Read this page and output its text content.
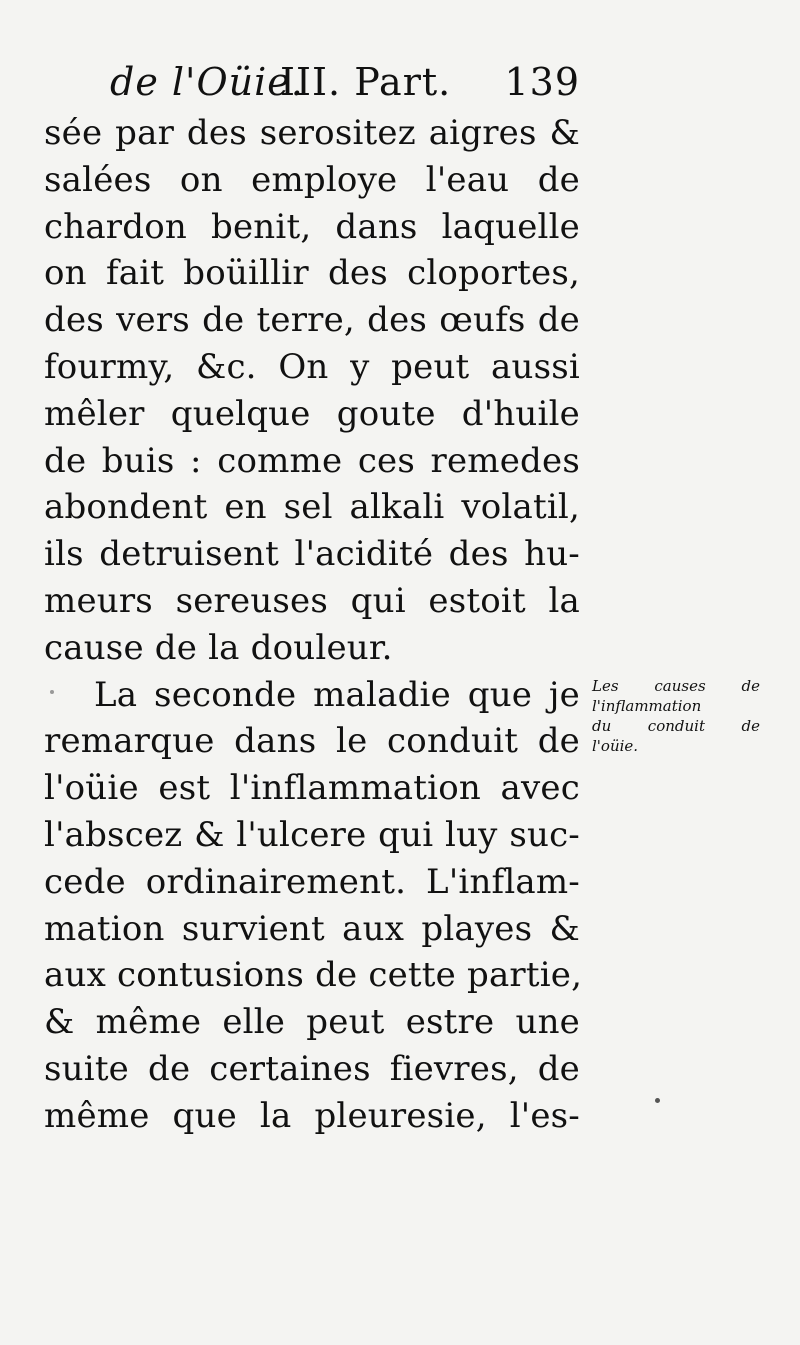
de l'Oüie.
III. Part. 139
sée par des serositez aigres &
salées on employe l'eau de
chardon benit, dans laquelle
on fait boüillir des cloportes,
des vers de terre, des œufs de
fourmy, &c. On y peut aussi
mêler quelque goute d'huile
de buis : comme ces remedes
abondent en sel alkali volatil,
ils detruisent l'acidité des hu-
meurs sereuses qui estoit la
cause de la douleur.
La seconde maladie que je
remarque dans le conduit de
l'oüie est l'inflammation avec
l'abscez & l'ulcere qui luy suc-
cede ordinairement. L'inflam-
mation survient aux playes &
aux contusions de cette partie,
& même elle peut estre une
suite de certaines fievres, de
même que la pleuresie, l'es-
Les causes de
l'inflammation
du conduit de
l'oüie.
